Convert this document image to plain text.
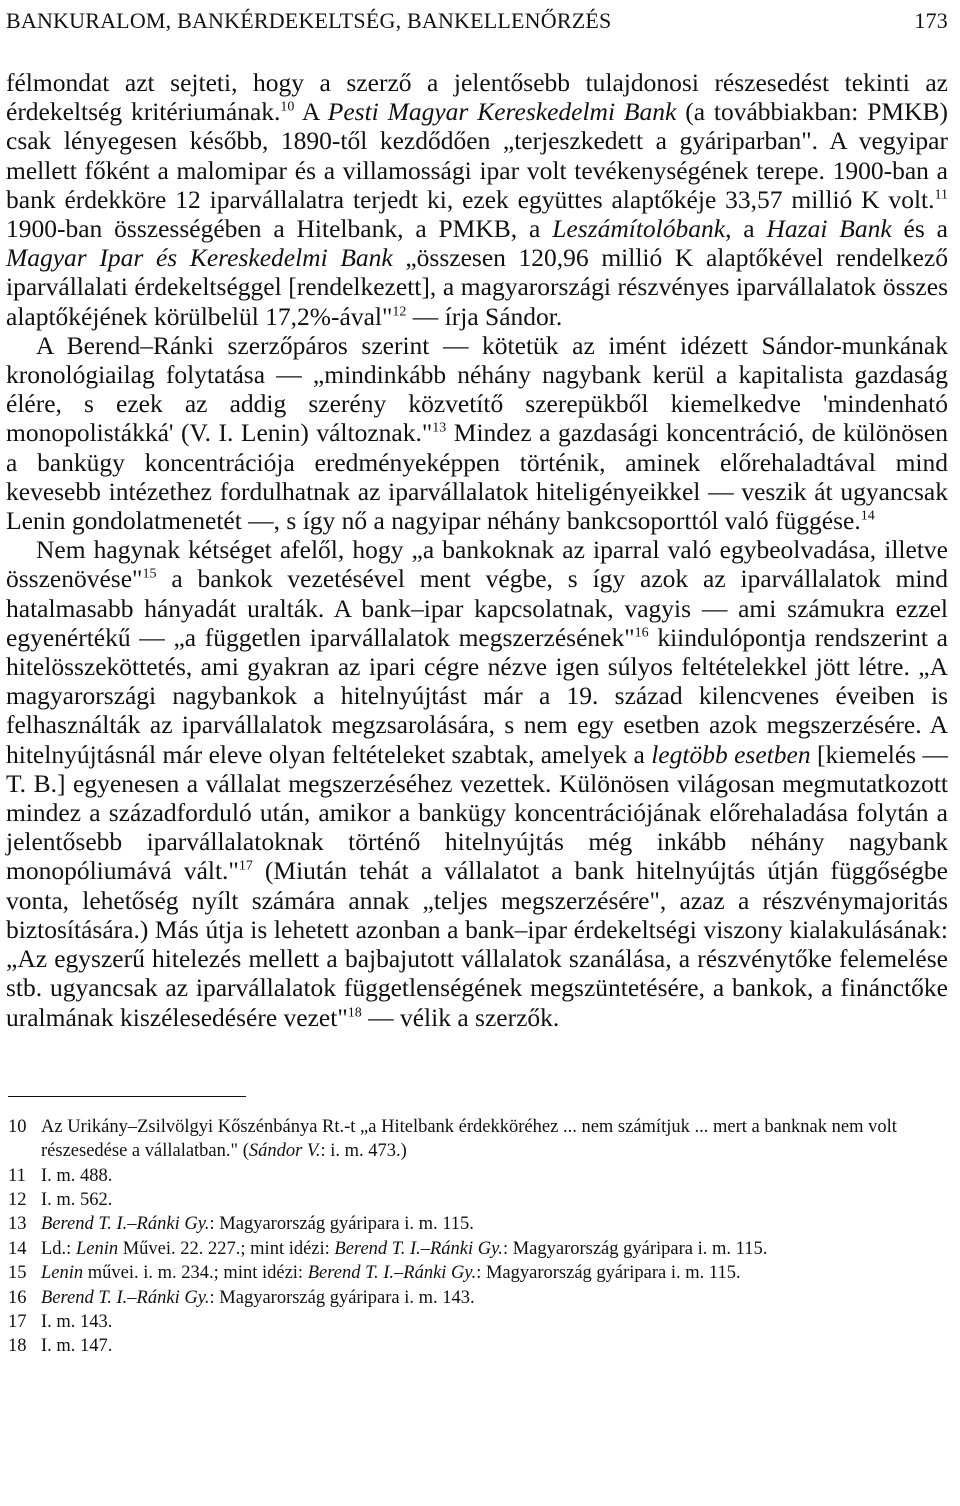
BANKURALOM, BANKÉRDEKELTSÉG, BANKELLENŐRZÉS	173

félmondat azt sejteti, hogy a szerző a jelentősebb tulajdonosi részesedést tekinti az érdekeltség kritériumának.$^{10}$ A Pesti Magyar Kereskedelmi Bank (a továbbiakban: PMKB) csak lényegesen később, 1890-től kezdődően „terjeszkedett a gyáriparban". A vegyipar mellett főként a malomipar és a villamossági ipar volt tevékenységének terepe. 1900-ban a bank érdekköre 12 iparvállalatra terjedt ki, ezek együttes alaptőkéje 33,57 millió K volt.$^{11}$ 1900-ban összességében a Hitelbank, a PMKB, a Leszámítolóbank, a Hazai Bank és a Magyar Ipar és Kereskedelmi Bank „összesen 120,96 millió K alaptőkével rendelkező iparvállalati érdekeltséggel [rendelkezett], a magyarországi részvényes iparvállalatok összes alaptőkéjének körülbelül 17,2%-ával"$^{12}$ — írja Sándor.

A Berend–Ránki szerzőpáros szerint — kötetük az imént idézett Sándor-munkának kronológiailag folytatása — „mindinkább néhány nagybank kerül a kapitalista gazdaság élére, s ezek az addig szerény közvetítő szerepükből kiemelkedve 'mindenható monopolistákká' (V. I. Lenin) változnak."$^{13}$ Mindez a gazdasági koncentráció, de különösen a bankügy koncentrációja eredményeképpen történik, aminek előrehaladtával mind kevesebb intézethez fordulhatnak az iparvállalatok hiteligényeikkel — veszik át ugyancsak Lenin gondolatmenetét —, s így nő a nagyipar néhány bankcsoporttól való függése.$^{14}$

Nem hagynak kétséget afelől, hogy „a bankoknak az iparral való egybeolvadása, illetve összenövése"$^{15}$ a bankok vezetésével ment végbe, s így azok az iparvállalatok mind hatalmasabb hányadát uralták. A bank–ipar kapcsolatnak, vagyis — ami számukra ezzel egyenértékű — „a független iparvállalatok megszerzésének"$^{16}$ kiindulópontja rendszerint a hitelösszeköttetés, ami gyakran az ipari cégre nézve igen súlyos feltételekkel jött létre. „A magyarországi nagybankok a hitelnyújtást már a 19. század kilencvenes éveiben is felhasználták az iparvállalatok megzsarolására, s nem egy esetben azok megszerzésére. A hitelnyújtásnál már eleve olyan feltételeket szabtak, amelyek a legtöbb esetben [kiemelés — T. B.] egyenesen a vállalat megszerzéséhez vezettek. Különösen világosan megmutatkozott mindez a századforduló után, amikor a bankügy koncentrációjának előrehaladása folytán a jelentősebb iparvállalatoknak történő hitelnyújtás még inkább néhány nagybank monopóliumává vált."$^{17}$ (Miután tehát a vállalatot a bank hitelnyújtás útján függőségbe vonta, lehetőség nyílt számára annak „teljes megszerzésére", azaz a részvénymajoritás biztosítására.) Más útja is lehetett azonban a bank–ipar érdekeltségi viszony kialakulásának: „Az egyszerű hitelezés mellett a bajbajutott vállalatok szanálása, a részvénytőke felemelése stb. ugyancsak az iparvállalatok függetlenségének megszüntetésére, a bankok, a finánctőke uralmának kiszélesedésére vezet"$^{18}$ — vélik a szerzők.

10 Az Urikány–Zsilvölgyi Kőszénbánya Rt.-t „a Hitelbank érdekköréhez ... nem számítjuk ... mert a banknak nem volt részesedése a vállalatban." (Sándor V.: i. m. 473.)
11 I. m. 488.
12 I. m. 562.
13 Berend T. I.–Ránki Gy.: Magyarország gyáripara i. m. 115.
14 Ld.: Lenin Művei. 22. 227.; mint idézi: Berend T. I.–Ránki Gy.: Magyarország gyáripara i. m. 115.
15 Lenin művei. i. m. 234.; mint idézi: Berend T. I.–Ránki Gy.: Magyarország gyáripara i. m. 115.
16 Berend T. I.–Ránki Gy.: Magyarország gyáripara i. m. 143.
17 I. m. 143.
18 I. m. 147.
